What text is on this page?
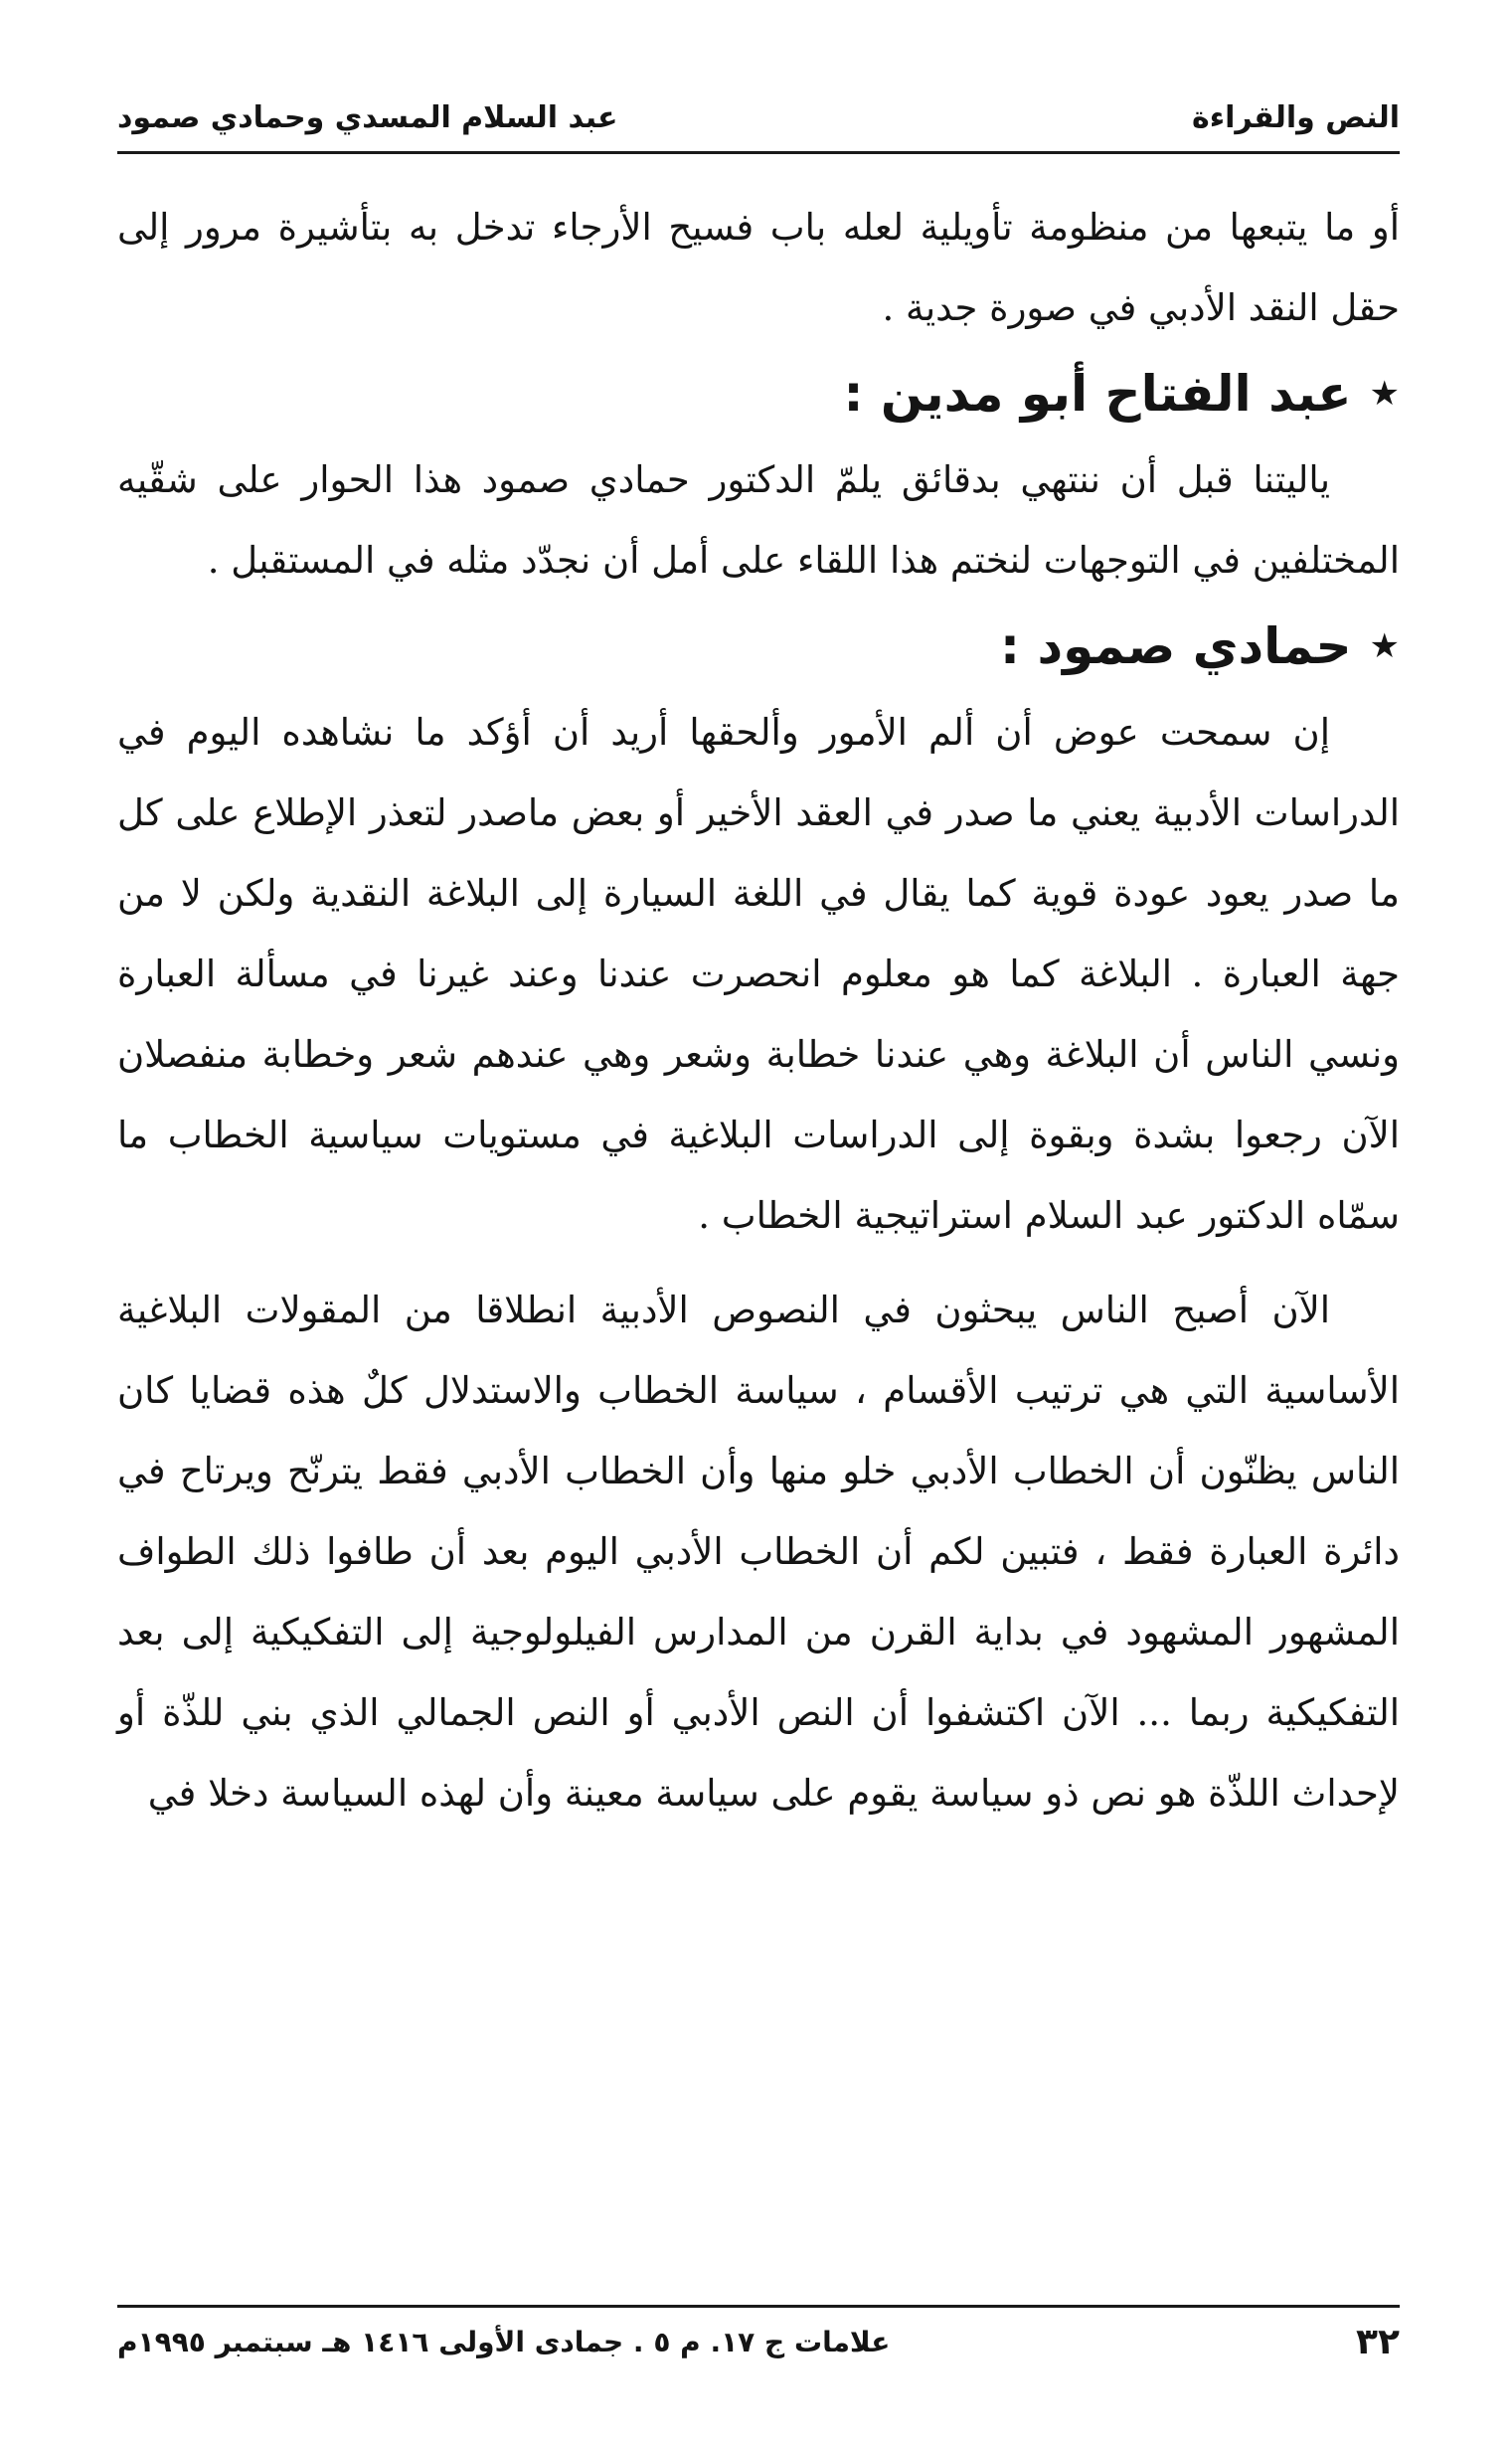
النص والقراءة
عبد السلام المسدي وحمادي صمود

أو ما يتبعها من منظومة تأويلية لعله باب فسيح الأرجاء تدخل به بتأشيرة مرور إلى حقل النقد الأدبي في صورة جدية .

★
عبد الفتاح أبو مدين :

ياليتنا قبل أن ننتهي بدقائق يلمّ الدكتور حمادي صمود هذا الحوار على شقّيه المختلفين في التوجهات لنختم هذا اللقاء على أمل أن نجدّد مثله في المستقبل .

★
حمادي صمود :

إن سمحت عوض أن ألم الأمور وألحقها أريد أن أؤكد ما نشاهده اليوم في الدراسات الأدبية يعني ما صدر في العقد الأخير أو بعض ماصدر لتعذر الإطلاع على كل ما صدر يعود عودة قوية كما يقال في اللغة السيارة إلى البلاغة النقدية ولكن لا من جهة العبارة . البلاغة كما هو معلوم انحصرت عندنا وعند غيرنا في مسألة العبارة ونسي الناس أن البلاغة وهي عندنا خطابة وشعر وهي عندهم شعر وخطابة منفصلان الآن رجعوا بشدة وبقوة إلى الدراسات البلاغية في مستويات سياسية الخطاب ما سمّاه الدكتور عبد السلام استراتيجية الخطاب .

الآن أصبح الناس يبحثون في النصوص الأدبية انطلاقا من المقولات البلاغية الأساسية التي هي ترتيب الأقسام ، سياسة الخطاب والاستدلال كلٌ هذه قضايا كان الناس يظنّون أن الخطاب الأدبي خلو منها وأن الخطاب الأدبي فقط يترنّح ويرتاح في دائرة العبارة فقط ، فتبين لكم أن الخطاب الأدبي اليوم بعد أن طافوا ذلك الطواف المشهور المشهود في بداية القرن من المدارس الفيلولوجية إلى التفكيكية إلى بعد التفكيكية ربما ... الآن اكتشفوا أن النص الأدبي أو النص الجمالي الذي بني للذّة أو لإحداث اللذّة هو نص ذو سياسة يقوم على سياسة معينة وأن لهذه السياسة دخلا في

٣٢
علامات ج ١٧. م ٥ . جمادى الأولى ١٤١٦ هـ سبتمبر ١٩٩٥م
